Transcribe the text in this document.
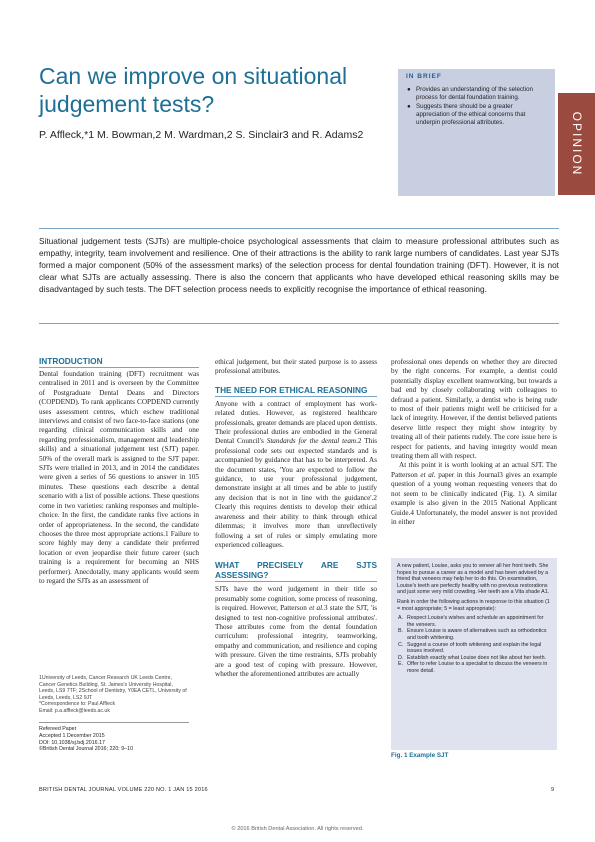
Can we improve on situational judgement tests?
P. Affleck,*1 M. Bowman,2 M. Wardman,2 S. Sinclair3 and R. Adams2
IN BRIEF
● Provides an understanding of the selection process for dental foundation training.
● Suggests there should be a greater appreciation of the ethical concerns that underpin professional attributes.	OPINION
Situational judgement tests (SJTs) are multiple-choice psychological assessments that claim to measure professional attributes such as empathy, integrity, team involvement and resilience. One of their attractions is the ability to rank large numbers of candidates. Last year SJTs formed a major component (50% of the assessment marks) of the selection process for dental foundation training (DFT). However, it is not clear what SJTs are actually assessing. There is also the concern that applicants who have developed ethical reasoning skills may be disadvantaged by such tests. The DFT selection process needs to explicitly recognise the importance of ethical reasoning.
INTRODUCTION

Dental foundation training (DFT) recruitment was centralised in 2011 and is overseen by the Committee of Postgraduate Dental Deans and Directors (COPDEND). To rank applicants COPDEND currently uses assessment centres, which eschew traditional interviews and consist of two face-to-face stations (one regarding clinical communication skills and one regarding professionalism, management and leadership skills) and a situational judgement test (SJT) paper. 50% of the overall mark is assigned to the SJT paper. SJTs were trialled in 2013, and in 2014 the candidates were given a series of 56 questions to answer in 105 minutes. These questions each describe a dental scenario with a list of possible actions. These questions come in two varieties: ranking responses and multiple-choice. In the first, the candidate ranks five actions in order of appropriateness. In the second, the candidate chooses the three most appropriate actions.1 Failure to score highly may deny a candidate their preferred location or even jeopardise their future career (such training is a requirement for becoming an NHS performer). Anecdotally, many applicants would seem to regard the SJTs as an assessment of

1University of Leeds, Cancer Research UK Leeds Centre, Cancer Genetics Building, St. James's University Hospital, Leeds, LS9 7TF; 2School of Dentistry, Y0EA CETL, University of Leeds, Leeds, LS2 9JT
*Correspondence to: Paul Affleck
Email: p.a.affleck@leeds.ac.uk
Refereed Paper
Accepted 1 December 2015
DOI: 10.1038/sj.bdj.2016.17
©British Dental Journal 2016; 220: 9–10

ethical judgement, but their stated purpose is to assess professional attributes.

THE NEED FOR ETHICAL REASONING

Anyone with a contract of employment has work-related duties. However, as registered healthcare professionals, greater demands are placed upon dentists. Their professional duties are embodied in the General Dental Council's Standards for the dental team.2 This professional code sets out expected standards and is accompanied by guidance that has to be interpreted. As the document states, 'You are expected to follow the guidance, to use your professional judgement, demonstrate insight at all times and be able to justify any decision that is not in line with the guidance'.2 Clearly this requires dentists to develop their ethical awareness and their ability to think through ethical dilemmas; it involves more than unreflectively following a set of rules or simply emulating more experienced colleagues.

WHAT PRECISELY ARE SJTS ASSESSING?

SJTs have the word judgement in their title so presumably some cognition, some process of reasoning, is required. However, Patterson et al.3 state the SJT, 'is designed to test non-cognitive professional attributes'. Those attributes come from the dental foundation curriculum: professional integrity, teamworking, empathy and communication, and resilience and coping with pressure. Given the time restraints, SJTs probably are a good test of coping with pressure. However, whether the aforementioned attributes are actually

professional ones depends on whether they are directed by the right concerns. For example, a dentist could potentially display excellent teamworking, but towards a bad end by closely collaborating with colleagues to defraud a patient. Similarly, a dentist who is being rude to most of their patients might well be criticised for a lack of integrity. However, if the dentist believed patients deserve little respect they might show integrity by treating all of their patients rudely. The core issue here is respect for patients, and having integrity would mean treating them all with respect.

At this point it is worth looking at an actual SJT. The Patterson et al. paper in this Journal3 gives an example question of a young woman requesting veneers that do not seem to be clinically indicated (Fig. 1). A similar example is also given in the 2015 National Applicant Guide.4 Unfortunately, the model answer is not provided in either

A new patient, Louise, asks you to veneer all her front teeth. She hopes to pursue a career as a model and has been advised by a friend that veneers may help her to do this. On examination, Louise's teeth are perfectly healthy with no previous restorations and just some very mild crowding. Her teeth are a Vita shade A1.

Rank in order the following actions in response to this situation (1 = most appropriate; 5 = least appropriate):

A. Respect Louise's wishes and schedule an appointment for the veneers.
B. Ensure Louise is aware of alternatives such as orthodontics and tooth whitening.
C. Suggest a course of tooth whitening and explain the legal issues involved.
D. Establish exactly what Louise does not like about her teeth.
E. Offer to refer Louise to a specialist to discuss the veneers in more detail.
Fig. 1 Example SJT
BRITISH DENTAL JOURNAL VOLUME 220 NO. 1 JAN 15 2016	9
© 2016 British Dental Association. All rights reserved.
